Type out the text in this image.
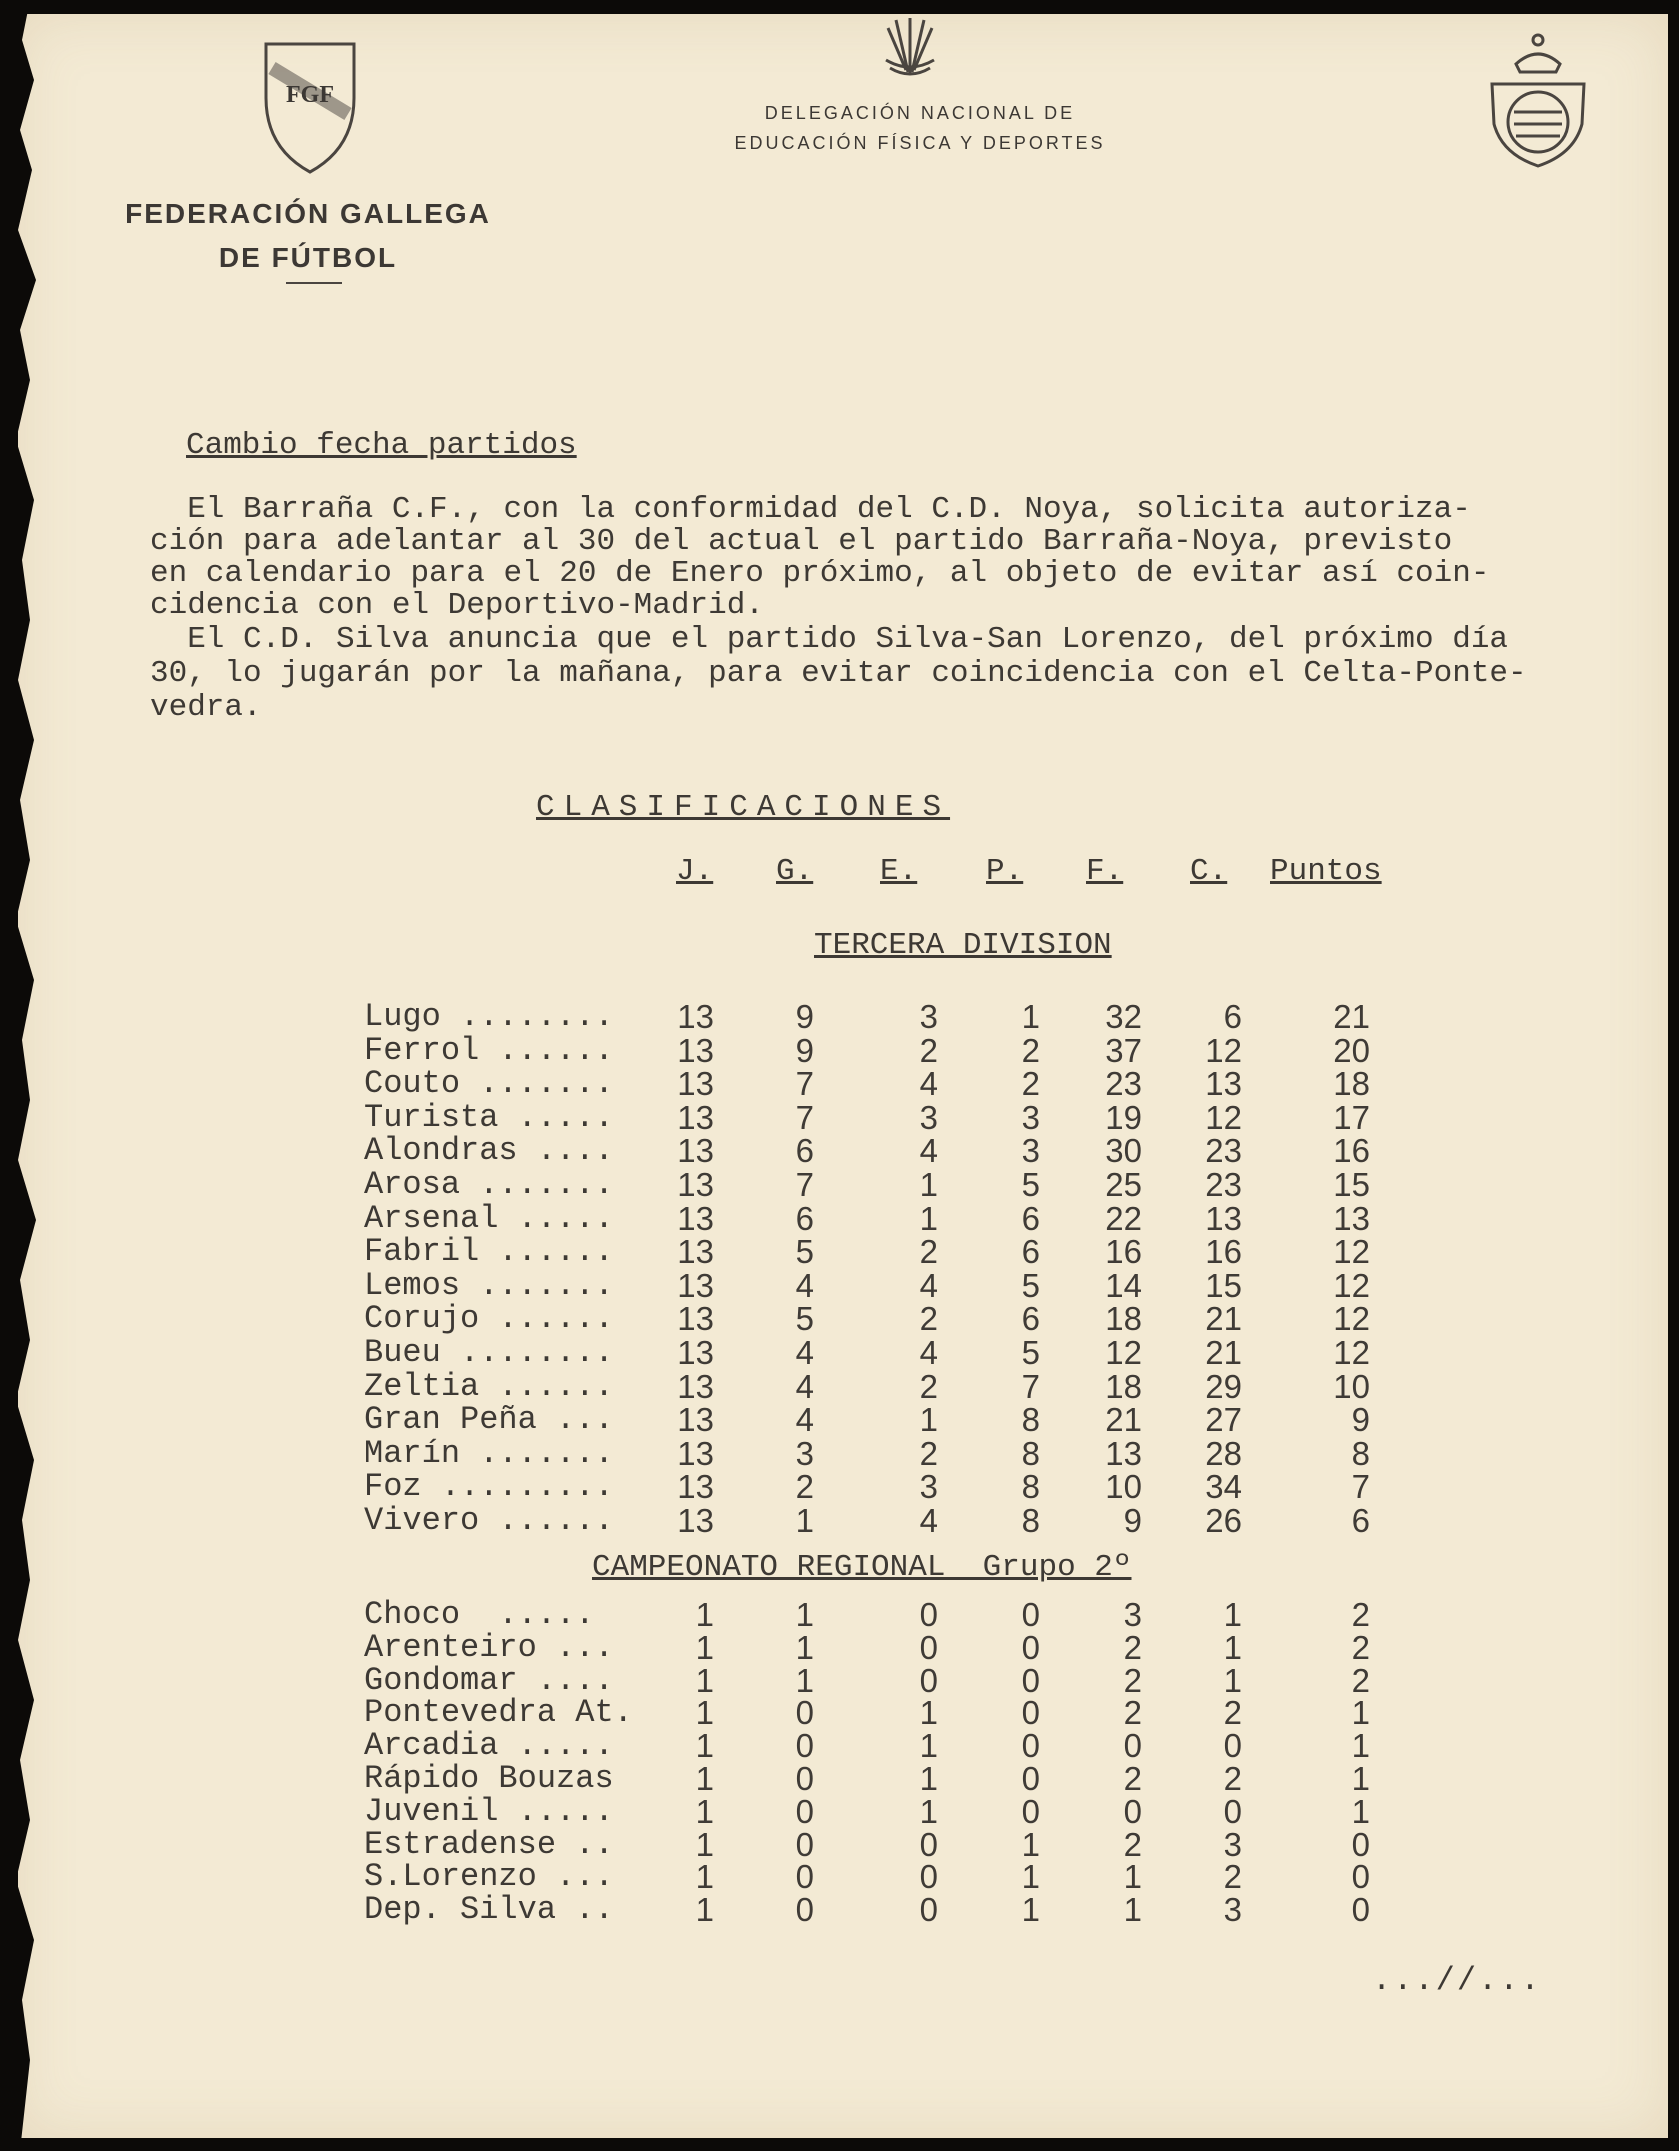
FGF
FEDERACIÓN GALLEGA
DE FÚTBOL
DELEGACIÓN NACIONAL DE
EDUCACIÓN FÍSICA Y DEPORTES
Cambio fecha partidos
El Barraña C.F., con la conformidad del C.D. Noya, solicita autoriza-
ción para adelantar al 30 del actual el partido Barraña-Noya, previsto
en calendario para el 20 de Enero próximo, al objeto de evitar así coin-
cidencia con el Deportivo-Madrid.
El C.D. Silva anuncia que el partido Silva-San Lorenzo, del próximo día
30, lo jugarán por la mañana, para evitar coincidencia con el Celta-Ponte-
vedra.
CLASIFICACIONES
J. G. E. P. F. C. Puntos
TERCERA DIVISION
Lugo ........	13	9	3	1	32	6	21
Ferrol ......	13	9	2	2	37	12	20
Couto .......	13	7	4	2	23	13	18
Turista .....	13	7	3	3	19	12	17
Alondras ....	13	6	4	3	30	23	16
Arosa .......	13	7	1	5	25	23	15
Arsenal .....	13	6	1	6	22	13	13
Fabril ......	13	5	2	6	16	16	12
Lemos .......	13	4	4	5	14	15	12
Corujo ......	13	5	2	6	18	21	12
Bueu ........	13	4	4	5	12	21	12
Zeltia ......	13	4	2	7	18	29	10
Gran Peña ...	13	4	1	8	21	27	9
Marín .......	13	3	2	8	13	28	8
Foz .........	13	2	3	8	10	34	7
Vivero ......	13	1	4	8	9	26	6
CAMPEONATO REGIONAL  Grupo 2º
Choco  .....	1	1	0	0	3	1	2
Arenteiro ...	1	1	0	0	2	1	2
Gondomar ....	1	1	0	0	2	1	2
Pontevedra At.	1	0	1	0	2	2	1
Arcadia .....	1	0	1	0	0	0	1
Rápido Bouzas	1	0	1	0	2	2	1
Juvenil .....	1	0	1	0	0	0	1
Estradense ..	1	0	0	1	2	3	0
S.Lorenzo ...	1	0	0	1	1	2	0
Dep. Silva ..	1	0	0	1	1	3	0
...//...
